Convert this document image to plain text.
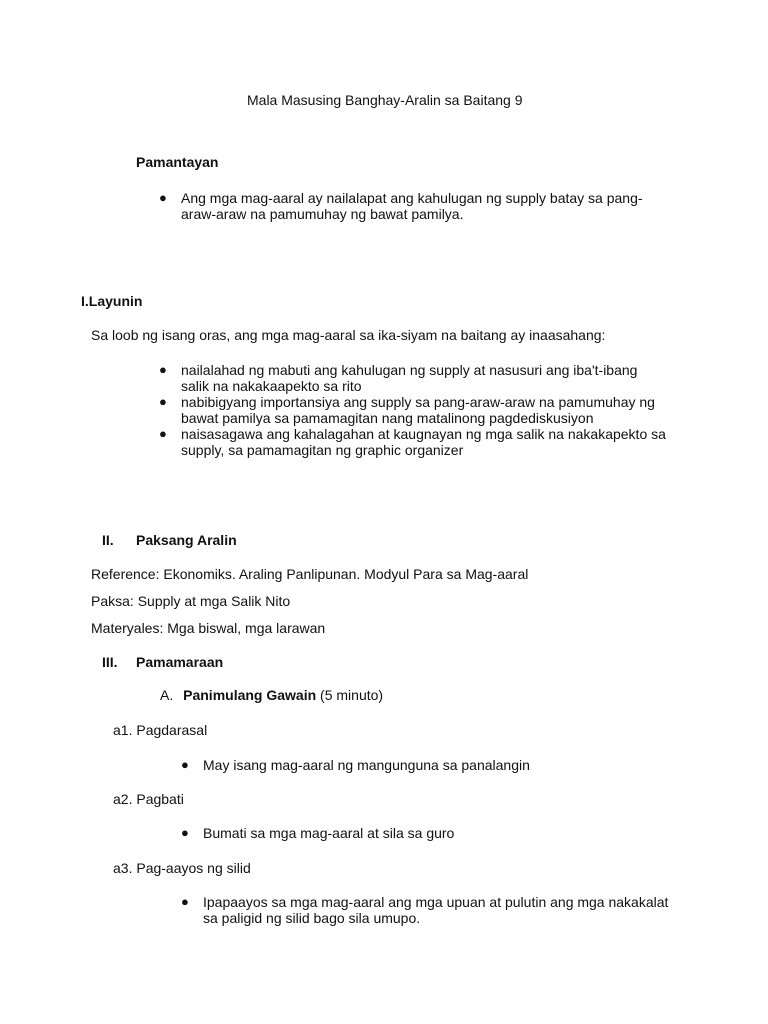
Mala Masusing Banghay-Aralin sa Baitang 9
Pamantayan
● Ang mga mag-aaral ay nailalapat ang kahulugan ng supply batay sa pang-araw-araw na pamumuhay ng bawat pamilya.
I.Layunin
Sa loob ng isang oras, ang mga mag-aaral sa ika-siyam na baitang ay inaasahang:
● nailalahad ng mabuti ang kahulugan ng supply at nasusuri ang iba't-ibang salik na nakakaapekto sa rito
● nabibigyang importansiya ang supply sa pang-araw-araw na pamumuhay ng bawat pamilya sa pamamagitan nang matalinong pagdediskusiyon
● naisasagawa ang kahalagahan at kaugnayan ng mga salik na nakakapekto sa supply, sa pamamagitan ng graphic organizer
II. Paksang Aralin
Reference: Ekonomiks. Araling Panlipunan. Modyul Para sa Mag-aaral
Paksa: Supply at mga Salik Nito
Materyales: Mga biswal, mga larawan
III. Pamamaraan
A. Panimulang Gawain (5 minuto)
a1. Pagdarasal
● May isang mag-aaral ng mangunguna sa panalangin
a2. Pagbati
● Bumati sa mga mag-aaral at sila sa guro
a3. Pag-aayos ng silid
● Ipapaayos sa mga mag-aaral ang mga upuan at pulutin ang mga nakakalat sa paligid ng silid bago sila umupo.
